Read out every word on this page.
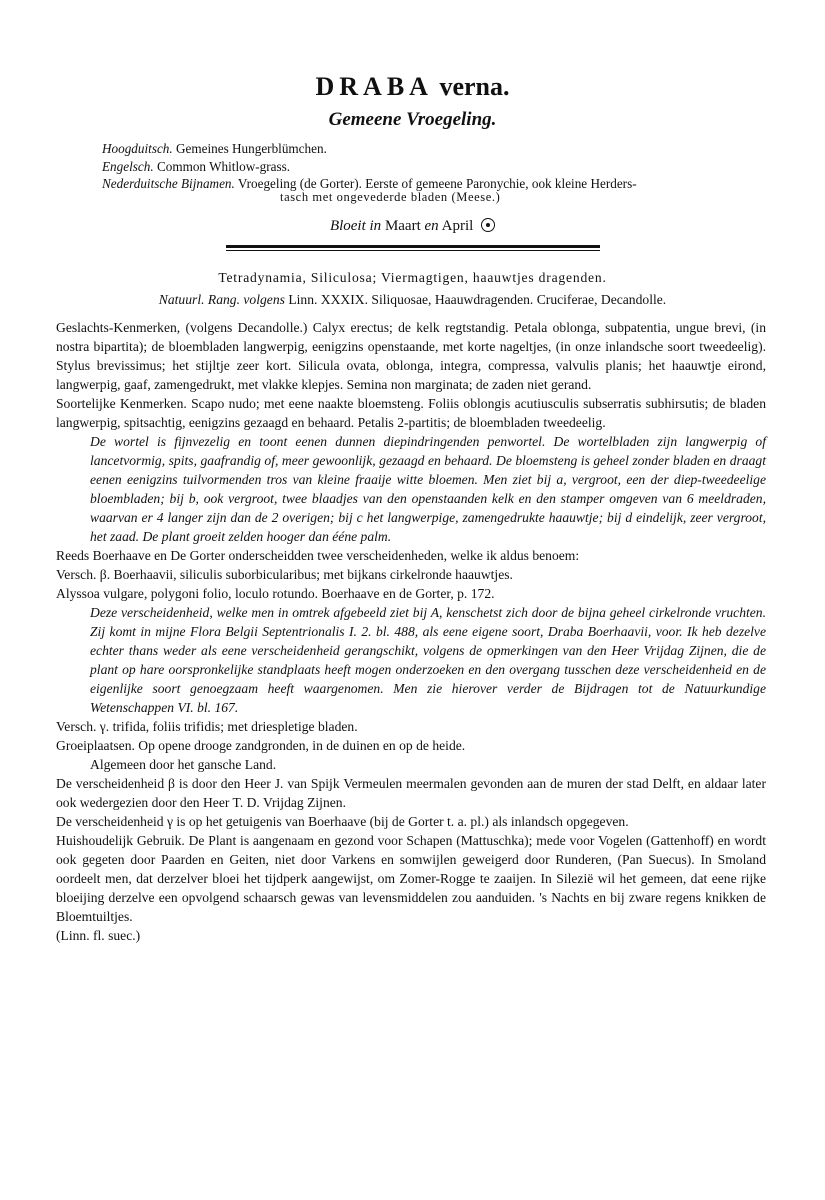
DRABA verna.
Gemeene Vroegeling.
Hoogduitsch. Gemeines Hungerblümchen.
Engelsch. Common Whitlow-grass.
Nederduitsche Bijnamen. Vroegeling (de Gorter). Eerste of gemeene Paronychie, ook kleine Herders-
tasch met ongevederde bladen (Meese.)
Bloeit in Maart en April
Tetradynamia, Siliculosa; Viermagtigen, haauwtjes dragenden.
Natuurl. Rang. volgens Linn. XXXIX. Siliquosae, Haauwdragenden. Cruciferae, Decandolle.

Geslachts-Kenmerken, (volgens Decandolle.) Calyx erectus; de kelk regtstandig. Petala oblonga, subpatentia, ungue brevi, (in nostra bipartita); de bloembladen langwerpig, eenigzins openstaande, met korte nageltjes, (in onze inlandsche soort tweedeelig). Stylus brevissimus; het stijltje zeer kort. Silicula ovata, oblonga, integra, compressa, valvulis planis; het haauwtje eirond, langwerpig, gaaf, zamengedrukt, met vlakke klepjes. Semina non marginata; de zaden niet gerand.

Soortelijke Kenmerken. Scapo nudo; met eene naakte bloemsteng. Foliis oblongis acutiusculis subserratis subhirsutis; de bladen langwerpig, spitsachtig, eenigzins gezaagd en behaard. Petalis 2-partitis; de bloembladen tweedeelig.

De wortel is fijnvezelig en toont eenen dunnen diepindringenden penwortel. De wortelbladen zijn langwerpig of lancetvormig, spits, gaafrandig of, meer gewoonlijk, gezaagd en behaard. De bloemsteng is geheel zonder bladen en draagt eenen eenigzins tuilvormenden tros van kleine fraaije witte bloemen. Men ziet bij a, vergroot, een der diep-tweedeelige bloembladen; bij b, ook vergroot, twee blaadjes van den openstaanden kelk en den stamper omgeven van 6 meeldraden, waarvan er 4 langer zijn dan de 2 overigen; bij c het langwerpige, zamengedrukte haauwtje; bij d eindelijk, zeer vergroot, het zaad. De plant groeit zelden hooger dan ééne palm.

Reeds Boerhaave en De Gorter onderscheidden twee verscheidenheden, welke ik aldus benoem:

Versch. β. Boerhaavii, siliculis suborbicularibus; met bijkans cirkelronde haauwtjes.

Alyssoa vulgare, polygoni folio, loculo rotundo. Boerhaave en de Gorter, p. 172.

Deze verscheidenheid, welke men in omtrek afgebeeld ziet bij A, kenschetst zich door de bijna geheel cirkelronde vruchten. Zij komt in mijne Flora Belgii Septentrionalis I. 2. bl. 488, als eene eigene soort, Draba Boerhaavii, voor. Ik heb dezelve echter thans weder als eene verscheidenheid gerangschikt, volgens de opmerkingen van den Heer Vrijdag Zijnen, die de plant op hare oorspronkelijke standplaats heeft mogen onderzoeken en den overgang tusschen deze verscheidenheid en de eigenlijke soort genoegzaam heeft waargenomen. Men zie hierover verder de Bijdragen tot de Natuurkundige Wetenschappen VI. bl. 167.

Versch. γ. trifida, foliis trifidis; met driespletige bladen.

Groeiplaatsen. Op opene drooge zandgronden, in de duinen en op de heide.

Algemeen door het gansche Land.

De verscheidenheid β is door den Heer J. van Spijk Vermeulen meermalen gevonden aan de muren der stad Delft, en aldaar later ook wedergezien door den Heer T. D. Vrijdag Zijnen.

De verscheidenheid γ is op het getuigenis van Boerhaave (bij de Gorter t. a. pl.) als inlandsch opgegeven.

Huishoudelijk Gebruik. De Plant is aangenaam en gezond voor Schapen (Mattuschka); mede voor Vogelen (Gattenhoff) en wordt ook gegeten door Paarden en Geiten, niet door Varkens en somwijlen geweigerd door Runderen, (Pan Suecus). In Smoland oordeelt men, dat derzelver bloei het tijdperk aangewijst, om Zomer-Rogge te zaaijen. In Silezië wil het gemeen, dat eene rijke bloeijing derzelve een opvolgend schaarsch gewas van levensmiddelen zou aanduiden. 's Nachts en bij zware regens knikken de Bloemtuiltjes.

(Linn. fl. suec.)
